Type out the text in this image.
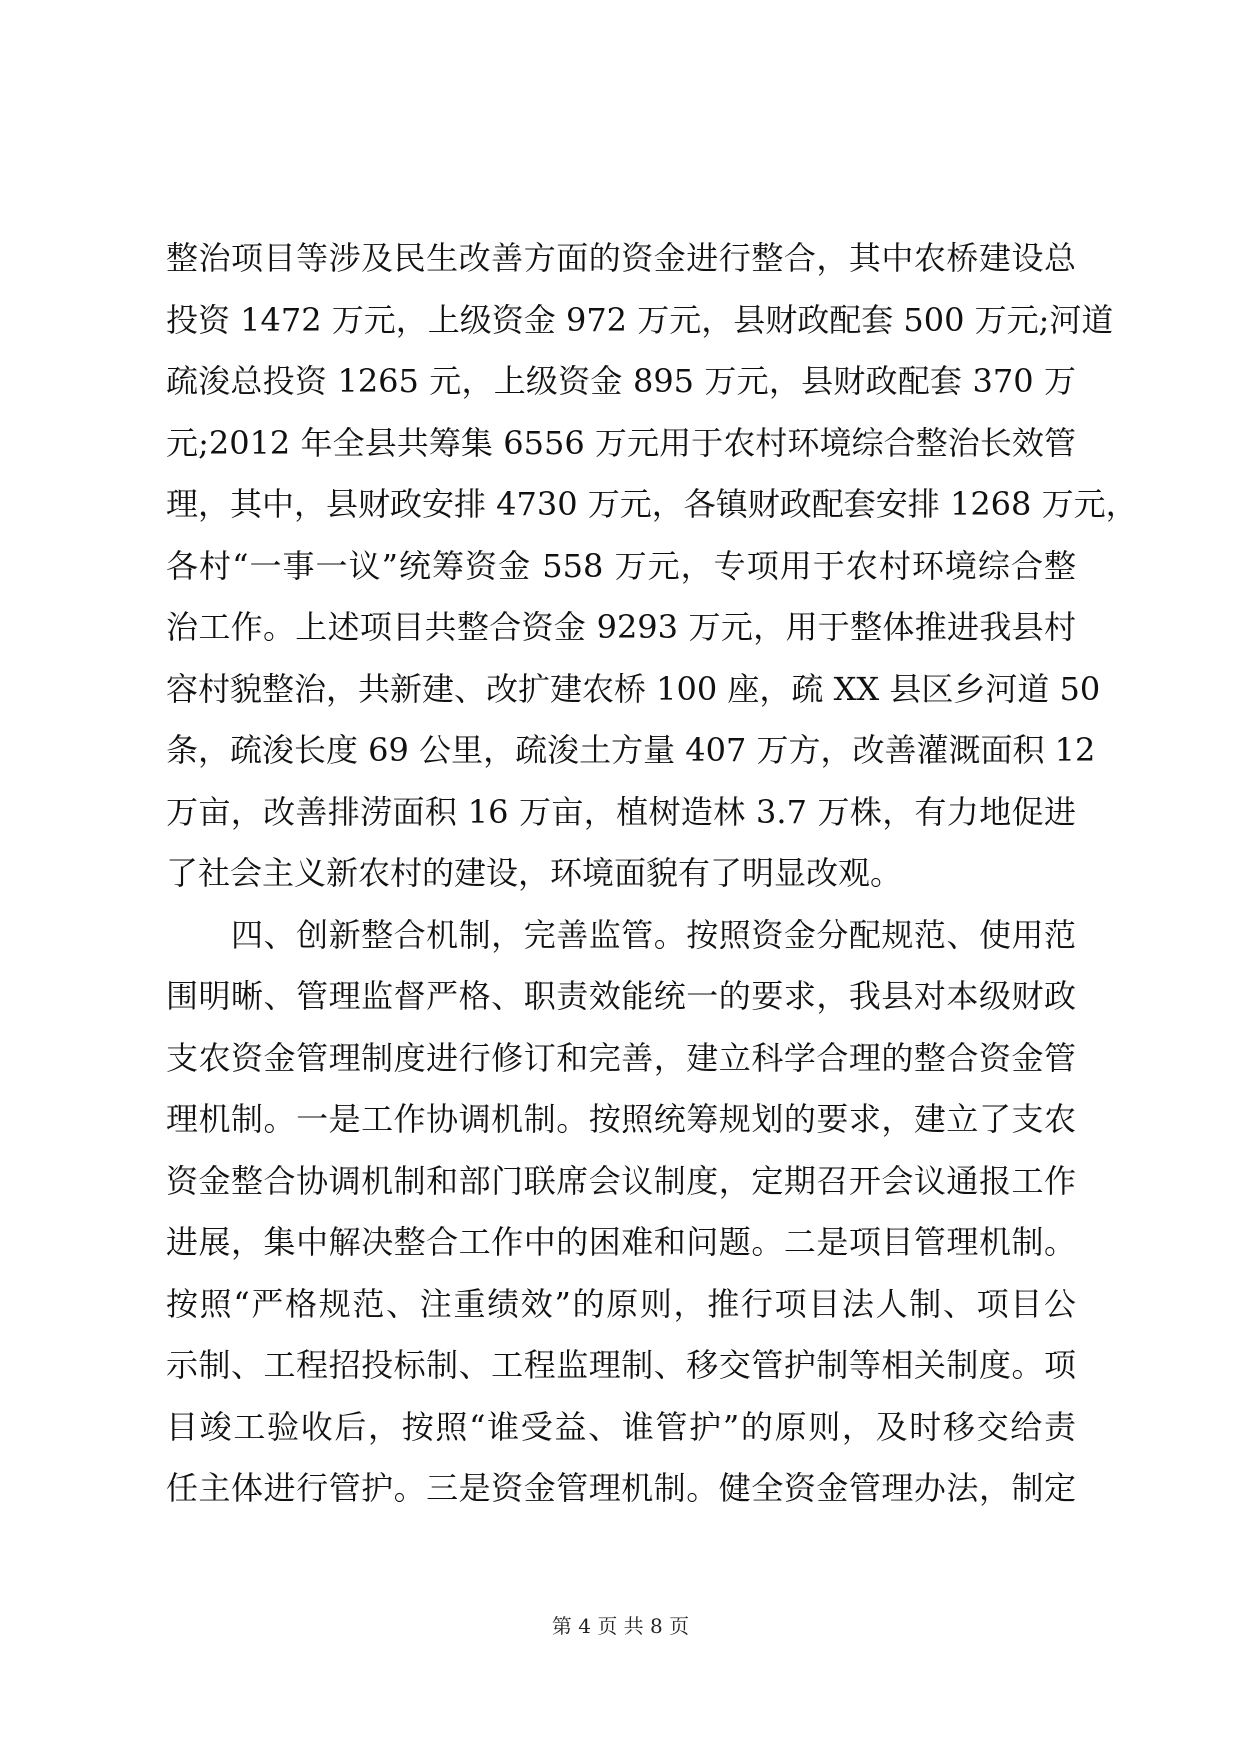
整治项目等涉及民生改善方面的资金进行整合，其中农桥建设总
投资 1472 万元，上级资金 972 万元，县财政配套 500 万元;河道
疏浚总投资 1265 元，上级资金 895 万元，县财政配套 370 万
元;2012 年全县共筹集 6556 万元用于农村环境综合整治长效管
理，其中，县财政安排 4730 万元，各镇财政配套安排 1268 万元，
各村“一事一议”统筹资金 558 万元，专项用于农村环境综合整
治工作。上述项目共整合资金 9293 万元，用于整体推进我县村
容村貌整治，共新建、改扩建农桥 100 座，疏 XX 县区乡河道 50
条，疏浚长度 69 公里，疏浚土方量 407 万方，改善灌溉面积 12
万亩，改善排涝面积 16 万亩，植树造林 3.7 万株，有力地促进
了社会主义新农村的建设，环境面貌有了明显改观。
　　四、创新整合机制，完善监管。按照资金分配规范、使用范
围明晰、管理监督严格、职责效能统一的要求，我县对本级财政
支农资金管理制度进行修订和完善，建立科学合理的整合资金管
理机制。一是工作协调机制。按照统筹规划的要求，建立了支农
资金整合协调机制和部门联席会议制度，定期召开会议通报工作
进展，集中解决整合工作中的困难和问题。二是项目管理机制。
按照“严格规范、注重绩效”的原则，推行项目法人制、项目公
示制、工程招投标制、工程监理制、移交管护制等相关制度。项
目竣工验收后，按照“谁受益、谁管护”的原则，及时移交给责
任主体进行管护。三是资金管理机制。健全资金管理办法，制定
第 4 页 共 8 页
